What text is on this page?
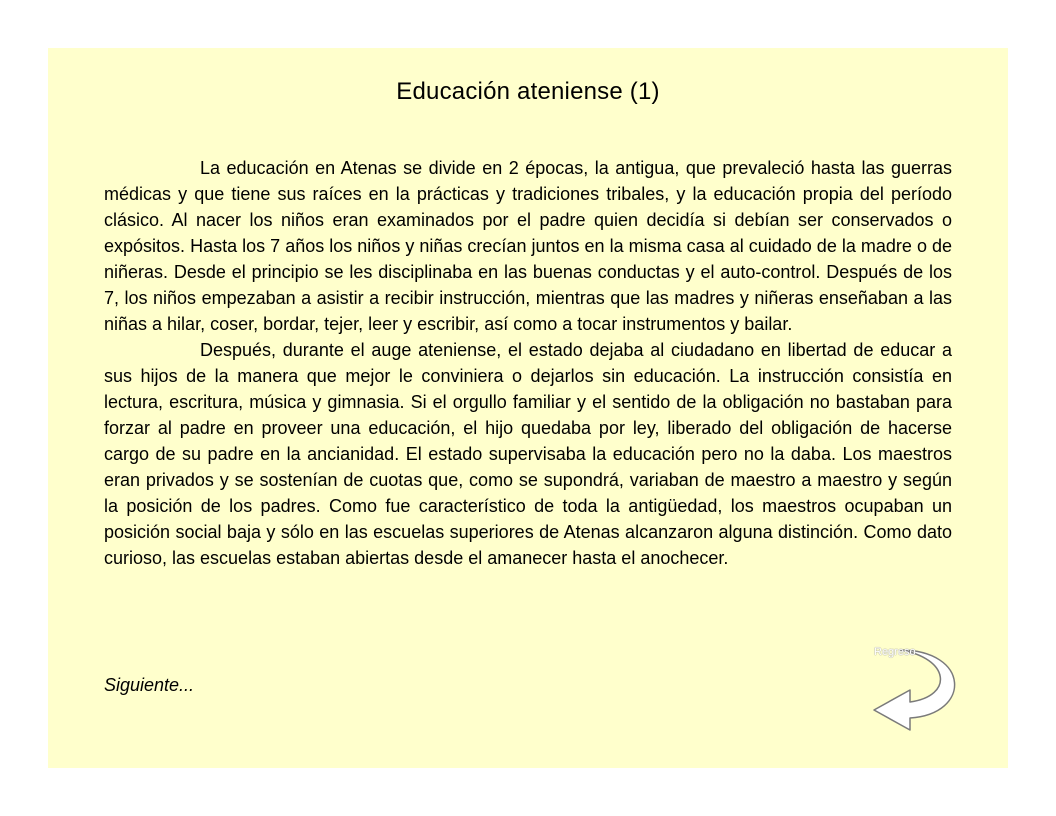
Educación ateniense (1)

La educación en Atenas se divide en 2 épocas, la antigua, que prevaleció hasta las guerras médicas y que tiene sus raíces en la prácticas y tradiciones tribales, y la educación propia del período clásico. Al nacer los niños eran examinados por el padre quien decidía si debían ser conservados o expósitos. Hasta los 7 años los niños y niñas crecían juntos en la misma casa al cuidado de la madre o de niñeras. Desde el principio se les disciplinaba en las buenas conductas y el auto-control. Después de los 7, los niños empezaban a asistir a recibir instrucción, mientras que las madres y niñeras enseñaban a las niñas a hilar, coser, bordar, tejer, leer y escribir, así como a tocar instrumentos y bailar.

Después, durante el auge ateniense, el estado dejaba al ciudadano en libertad de educar a sus hijos de la manera que mejor le conviniera o dejarlos sin educación. La instrucción consistía en lectura, escritura, música y gimnasia. Si el orgullo familiar y el sentido de la obligación no bastaban para forzar al padre en proveer una educación, el hijo quedaba por ley, liberado del obligación de hacerse cargo de su padre en la ancianidad. El estado supervisaba la educación pero no la daba. Los maestros eran privados y se sostenían de cuotas que, como se supondrá, variaban de maestro a maestro y según la posición de los padres. Como fue característico de toda la antigüedad, los maestros ocupaban un posición social baja y sólo en las escuelas superiores de Atenas alcanzaron alguna distinción. Como dato curioso, las escuelas estaban abiertas desde el amanecer hasta el anochecer.

Siguiente...
Regreso
